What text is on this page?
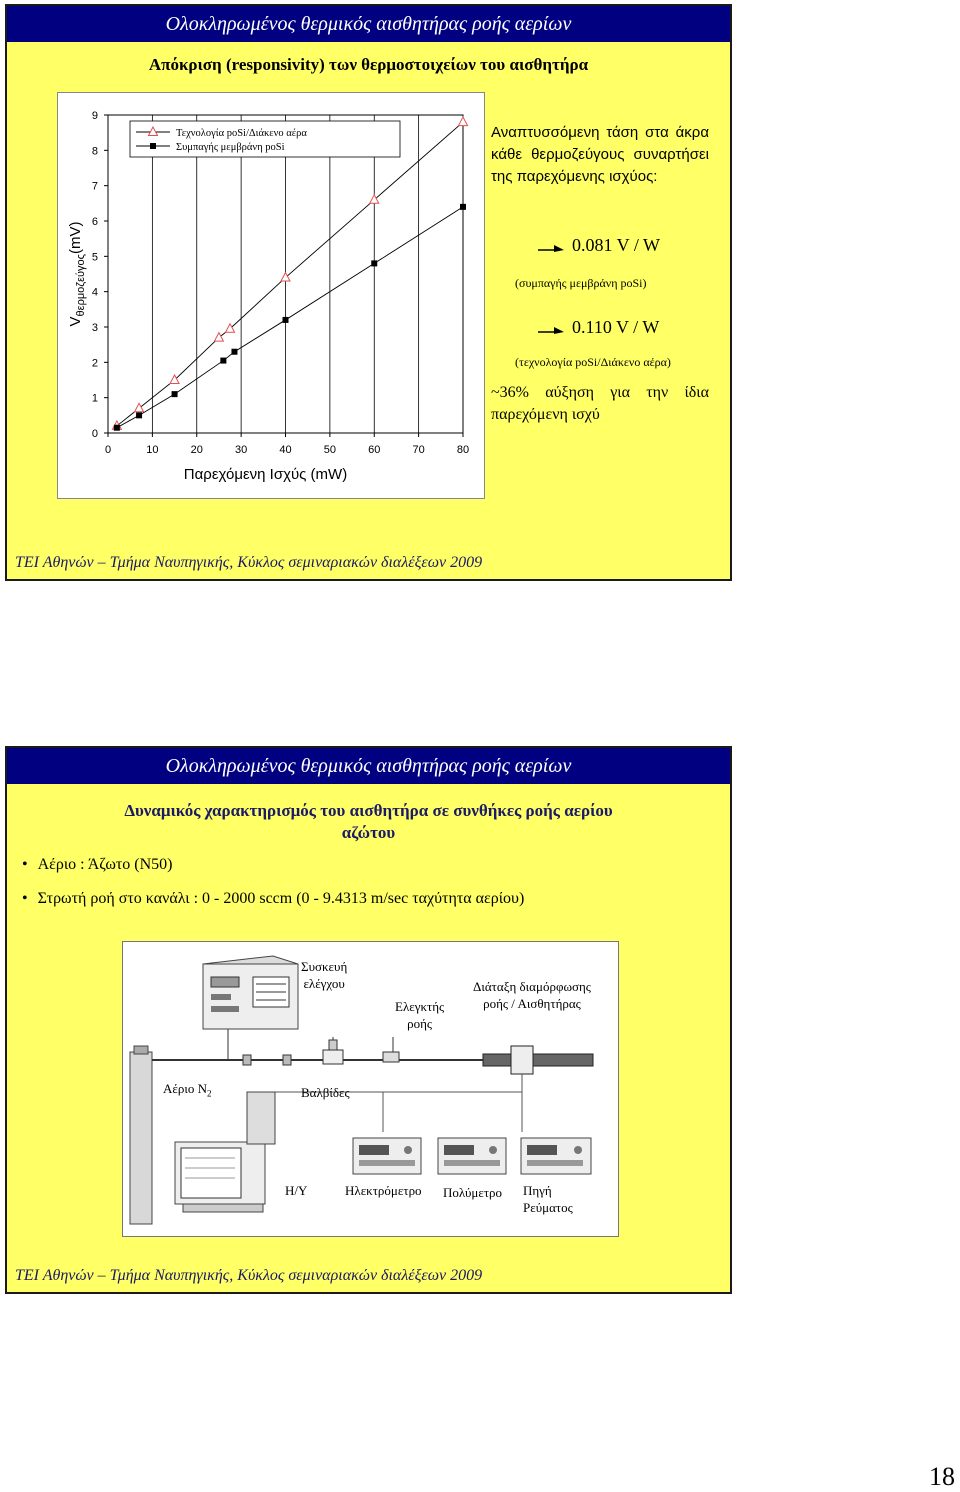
Ολοκληρωμένος θερμικός αισθητήρας ροής αερίων
Απόκριση (responsivity) των θερμοστοιχείων του αισθητήρα
0	10	20	30	40	50	60	70	80
0
1
2
3
4
5
6
7
8
9
Παρεχόμενη Ισχύς (mW)
$V_{\theta\varepsilon\rho\mu o\zeta\varepsilon ύ\gamma o\varsigma}(mV)$
Τεχνολογία poSi/Διάκενο αέρα
Συμπαγής μεμβράνη poSi
Αναπτυσσόμενη τάση στα άκρα κάθε θερμοζεύγους συναρτήσει της παρεχόμενης ισχύος:
0.081 V / W
(συμπαγής μεμβράνη poSi)
0.110 V / W
(τεχνολογία poSi/Διάκενο αέρα)
~36% αύξηση για την ίδια παρεχόμενη ισχύ
ΤΕΙ Αθηνών – Τμήμα Ναυπηγικής, Κύκλος σεμιναριακών διαλέξεων 2009
Ολοκληρωμένος θερμικός αισθητήρας ροής αερίων
Δυναμικός χαρακτηρισμός του αισθητήρα σε συνθήκες ροής αερίου
αζώτου
• Αέριο : Άζωτο (N50)
• Στρωτή ροή στο κανάλι : 0 - 2000 sccm (0 - 9.4313 m/sec ταχύτητα αερίου)
Συσκευή
ελέγχου
Ελεγκτής
ροής
Διάταξη διαμόρφωσης
ροής / Αισθητήρας
Αέριο $N_2$	Βαλβίδες
H/Y	Ηλεκτρόμετρο Πολύμετρο Πηγή
Ρεύματος
ΤΕΙ Αθηνών – Τμήμα Ναυπηγικής, Κύκλος σεμιναριακών διαλέξεων 2009
18
